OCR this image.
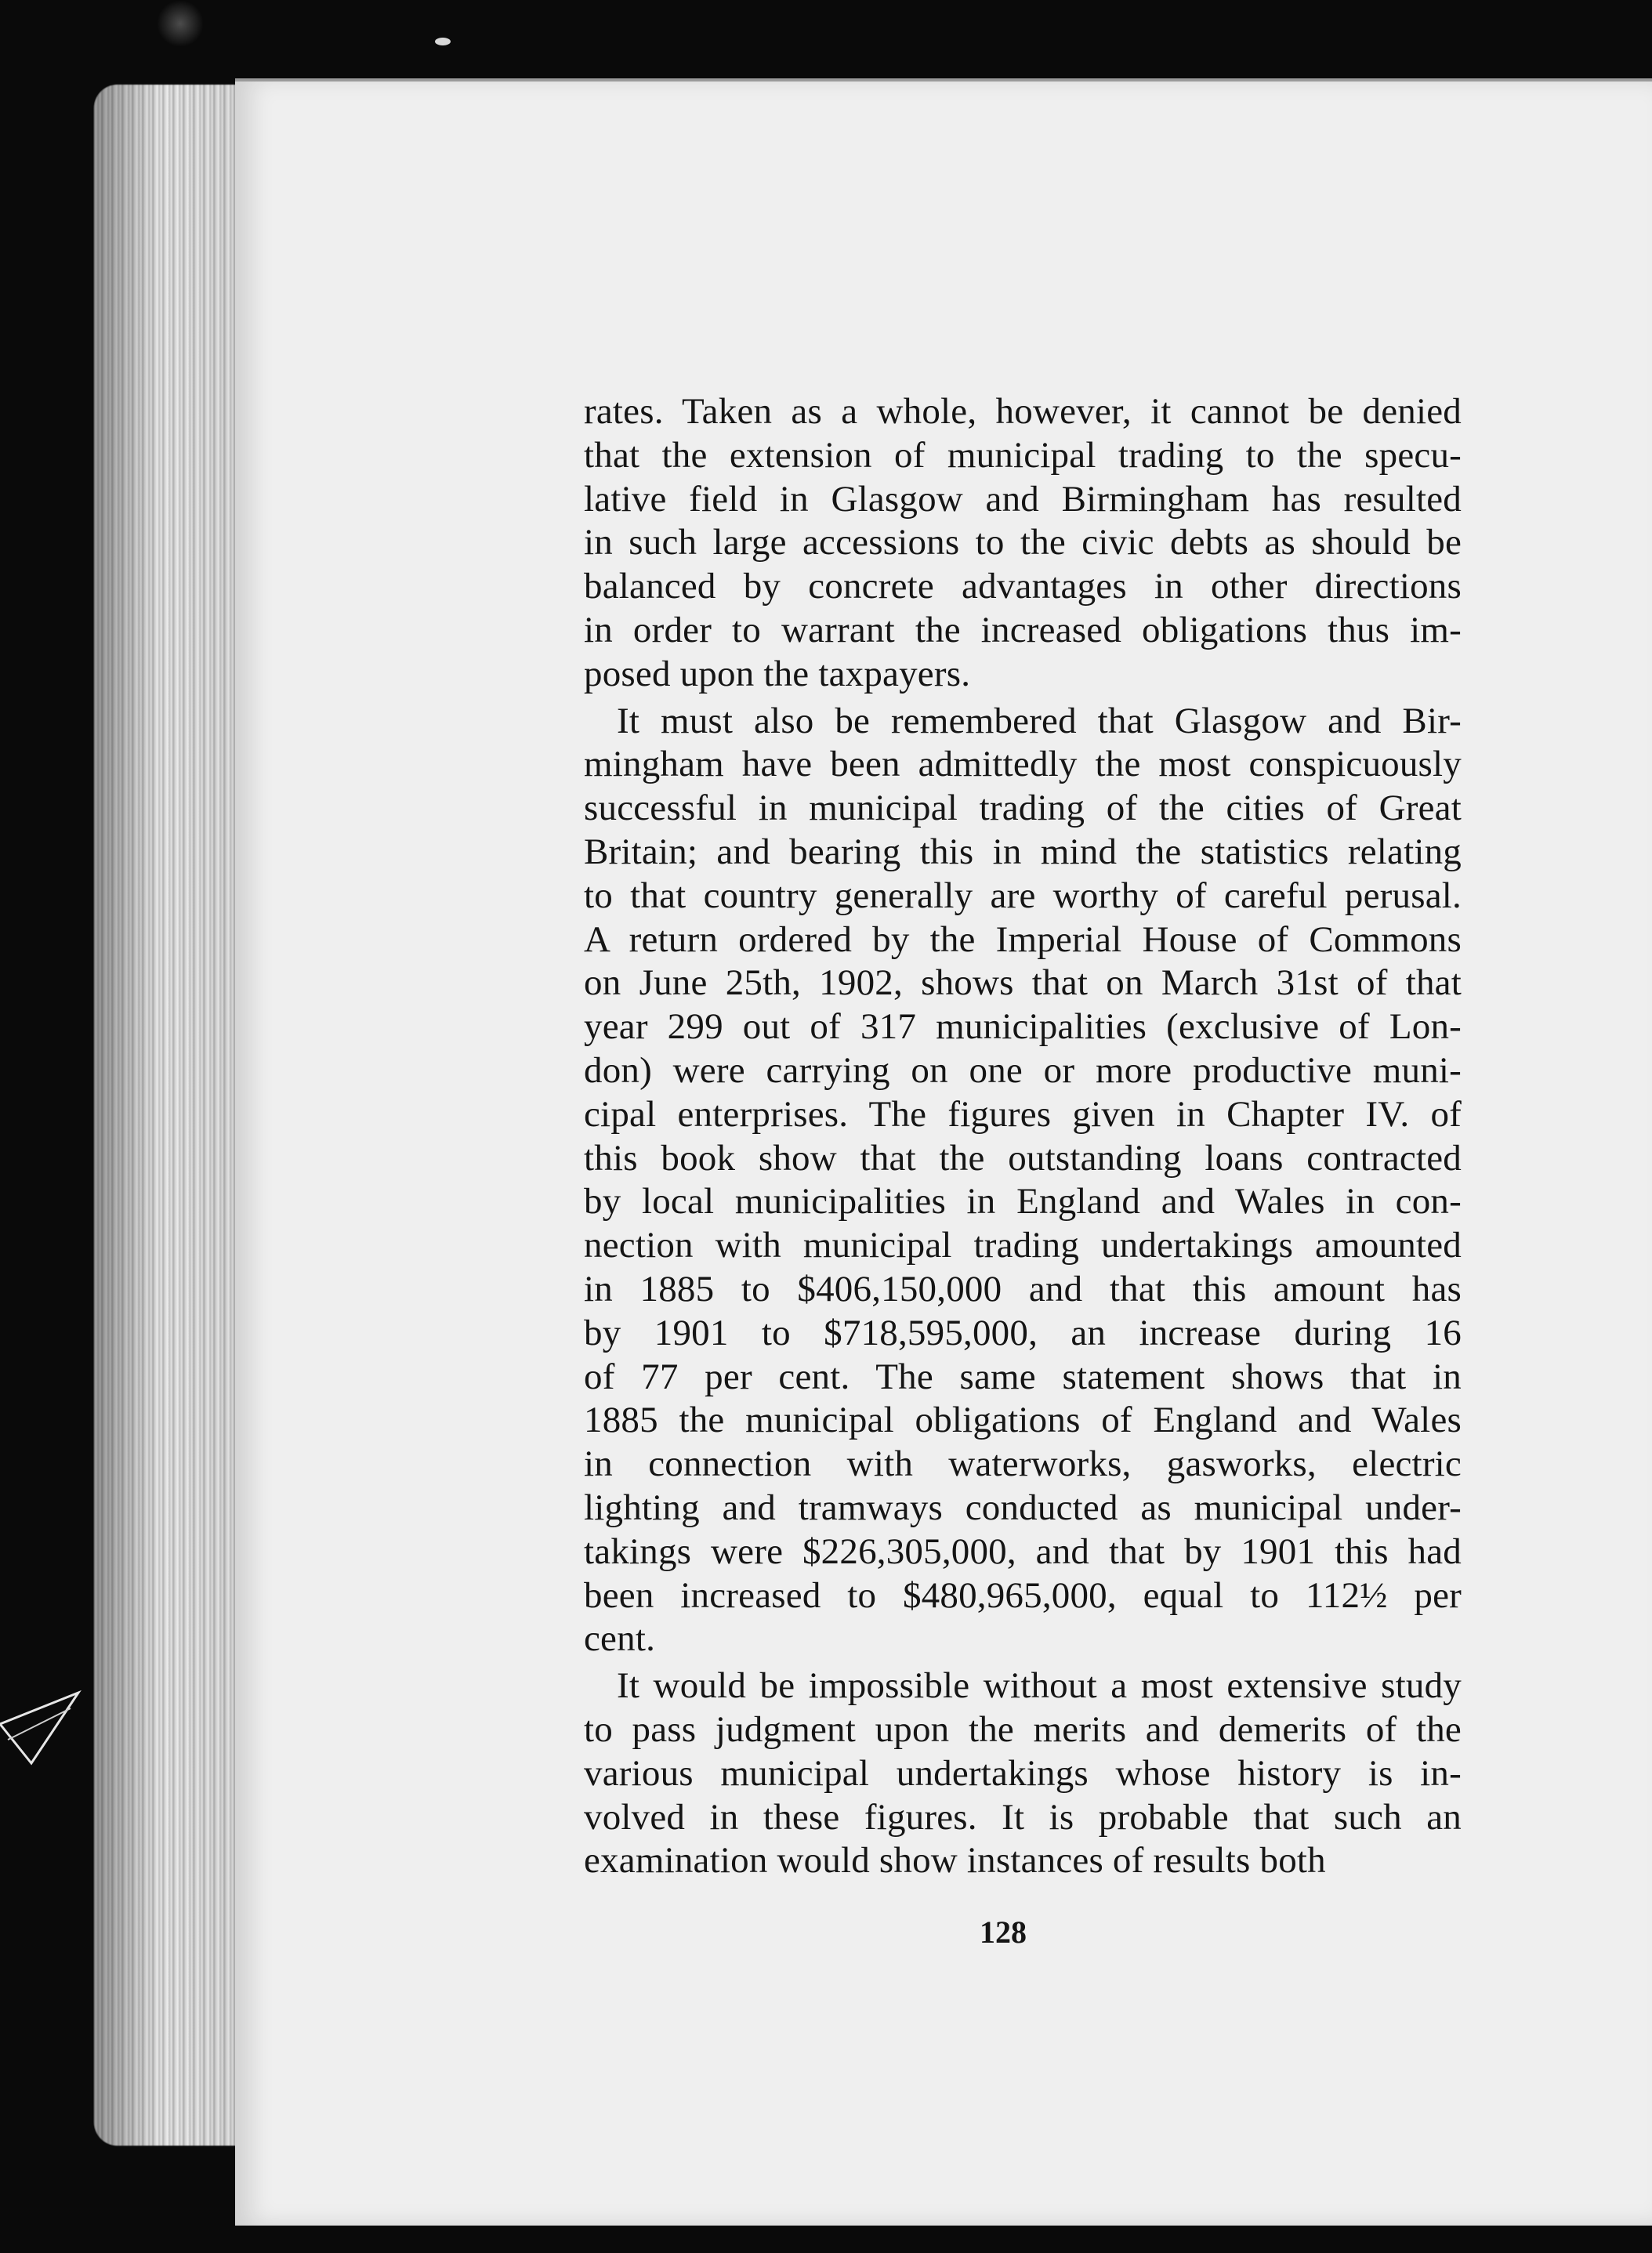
rates. Taken as a whole, however, it cannot be denied
that the extension of municipal trading to the specu-
lative field in Glasgow and Birmingham has resulted
in such large accessions to the civic debts as should be
balanced by concrete advantages in other directions
in order to warrant the increased obligations thus im-
posed upon the taxpayers.
It must also be remembered that Glasgow and Bir-
mingham have been admittedly the most conspicuously
successful in municipal trading of the cities of Great
Britain; and bearing this in mind the statistics relating
to that country generally are worthy of careful perusal.
A return ordered by the Imperial House of Commons
on June 25th, 1902, shows that on March 31st of that
year 299 out of 317 municipalities (exclusive of Lon-
don) were carrying on one or more productive muni-
cipal enterprises. The figures given in Chapter IV. of
this book show that the outstanding loans contracted
by local municipalities in England and Wales in con-
nection with municipal trading undertakings amounted
in 1885 to $406,150,000 and that this amount has
by 1901 to $718,595,000, an increase during 16
of 77 per cent. The same statement shows that in
1885 the municipal obligations of England and Wales
in connection with waterworks, gasworks, electric
lighting and tramways conducted as municipal under-
takings were $226,305,000, and that by 1901 this had
been increased to $480,965,000, equal to 112½ per
cent.
It would be impossible without a most extensive study
to pass judgment upon the merits and demerits of the
various municipal undertakings whose history is in-
volved in these figures. It is probable that such an
examination would show instances of results both
128
